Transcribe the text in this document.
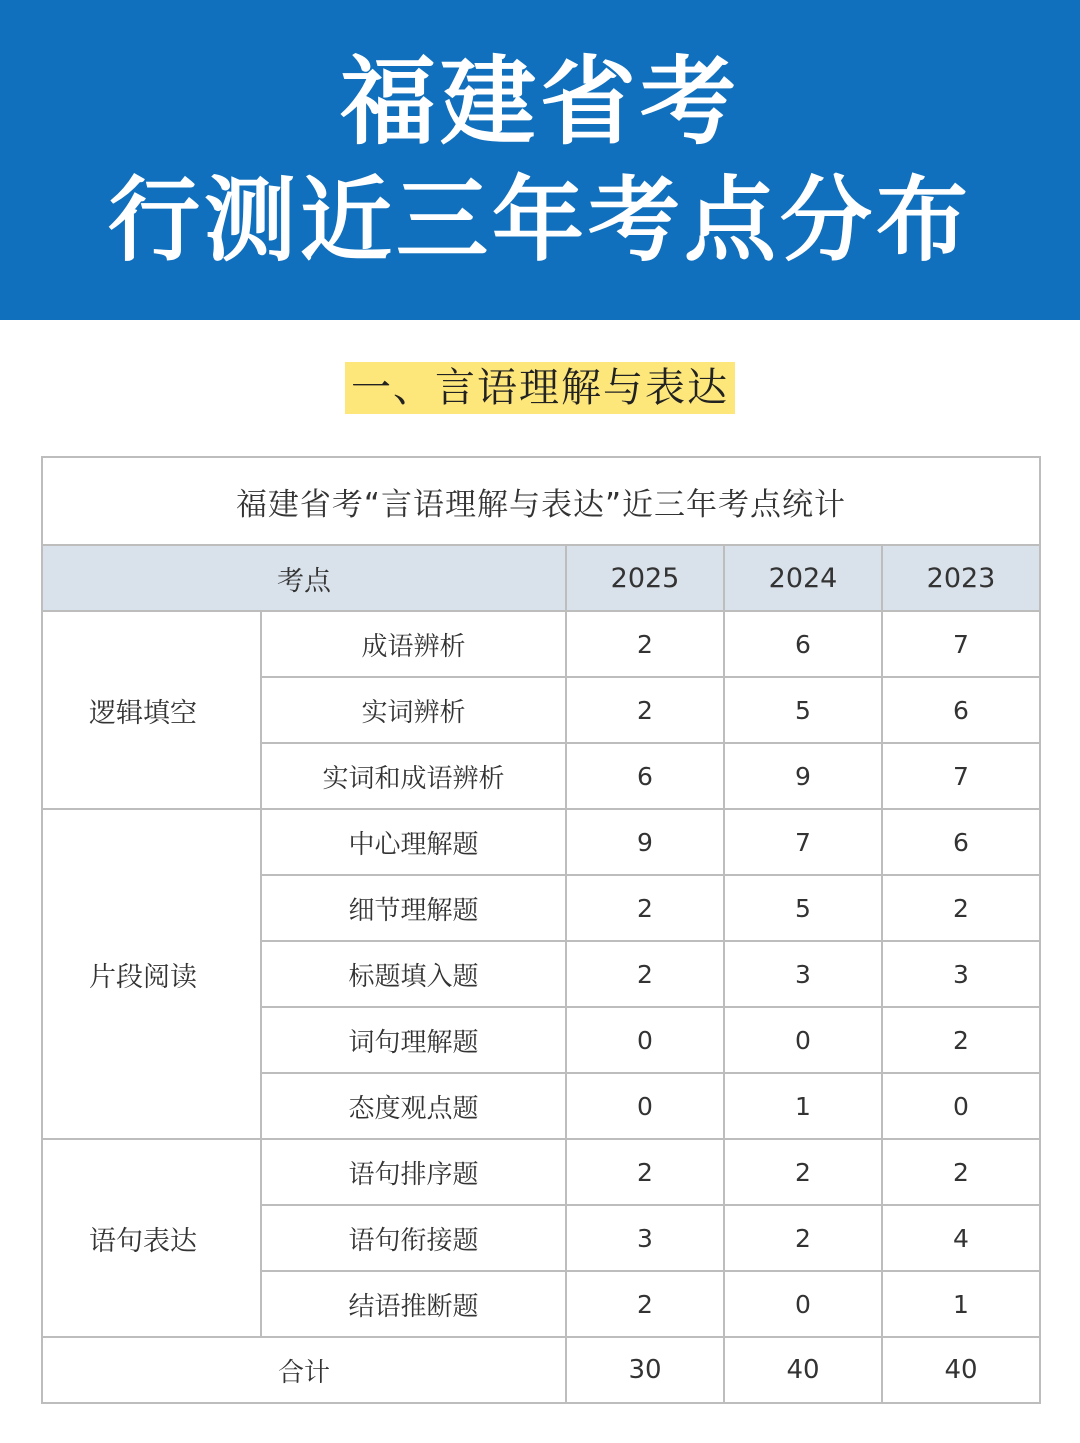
福建省考
行测近三年考点分布
一、言语理解与表达
福建省考“言语理解与表达”近三年考点统计				
考点		2025	2024	2023
逻辑填空	成语辨析	2	6	7
	实词辨析	2	5	6
	实词和成语辨析	6	9	7
片段阅读	中心理解题	9	7	6
	细节理解题	2	5	2
	标题填入题	2	3	3
	词句理解题	0	0	2
	态度观点题	0	1	0
语句表达	语句排序题	2	2	2
	语句衔接题	3	2	4
	结语推断题	2	0	1
合计		30	40	40
